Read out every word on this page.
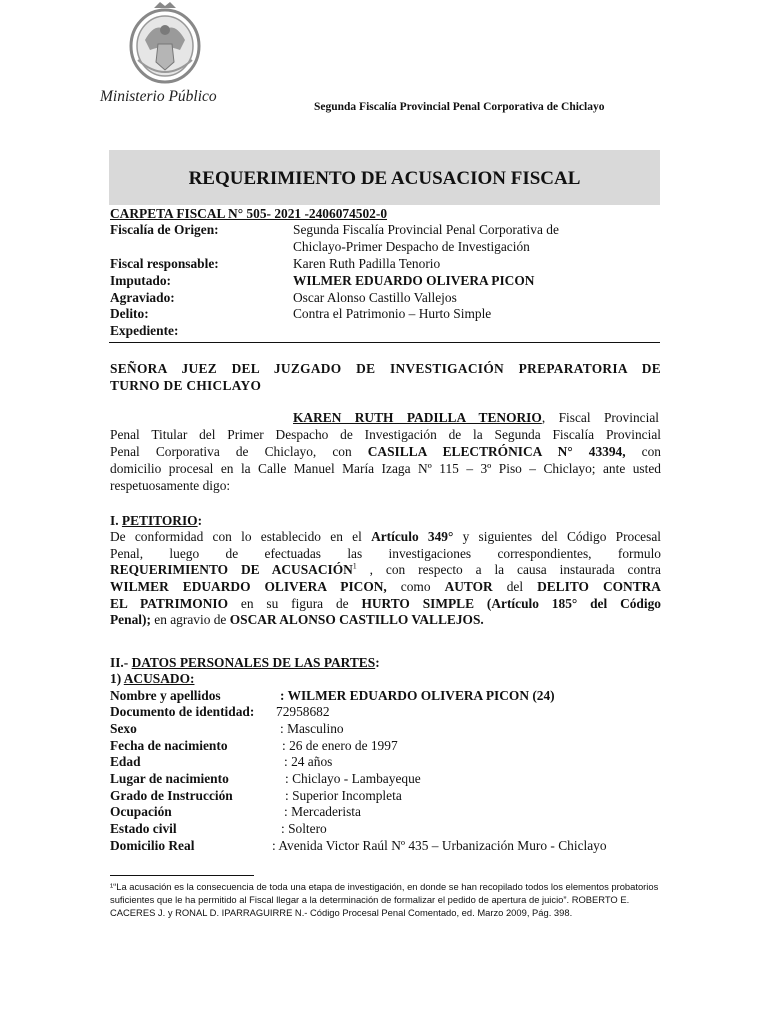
Ministerio Público
Segunda Fiscalía Provincial Penal Corporativa de Chiclayo
REQUERIMIENTO DE ACUSACION FISCAL
CARPETA FISCAL N° 505- 2021 -2406074502-0
Fiscalía de Origen:	Segunda Fiscalía Provincial Penal Corporativa de
Chiclayo-Primer Despacho de Investigación
Fiscal responsable:	Karen Ruth Padilla Tenorio
Imputado:	WILMER EDUARDO OLIVERA PICON
Agraviado:	Oscar Alonso Castillo Vallejos
Delito:	Contra el Patrimonio – Hurto Simple
Expediente:
SEÑORA JUEZ DEL JUZGADO DE INVESTIGACIÓN PREPARATORIA DE
TURNO DE CHICLAYO
KAREN RUTH PADILLA TENORIO, Fiscal Provincial
Penal Titular del Primer Despacho de Investigación de la Segunda Fiscalía Provincial
Penal Corporativa de Chiclayo, con CASILLA ELECTRÓNICA N° 43394, con
domicilio procesal en la Calle Manuel María Izaga Nº 115 – 3º Piso – Chiclayo; ante usted
respetuosamente digo:
I. PETITORIO:
De conformidad con lo establecido en el Artículo 349° y siguientes del Código Procesal
Penal, luego de efectuadas las investigaciones correspondientes, formulo
REQUERIMIENTO DE ACUSACIÓN$^1$ , con respecto a la causa instaurada contra
WILMER EDUARDO OLIVERA PICON, como AUTOR del DELITO CONTRA
EL PATRIMONIO en su figura de HURTO SIMPLE (Artículo 185° del Código
Penal); en agravio de OSCAR ALONSO CASTILLO VALLEJOS.
II.- DATOS PERSONALES DE LAS PARTES:
1) ACUSADO:
Nombre y apellidos	: WILMER EDUARDO OLIVERA PICON (24)
Documento de identidad: 72958682
Sexo	: Masculino
Fecha de nacimiento	: 26 de enero de 1997
Edad	: 24 años
Lugar de nacimiento	: Chiclayo - Lambayeque
Grado de Instrucción	: Superior Incompleta
Ocupación	: Mercaderista
Estado civil	: Soltero
Domicilio Real	: Avenida Victor Raúl Nº 435 – Urbanización Muro - Chiclayo
¹“La acusación es la consecuencia de toda una etapa de investigación, en donde se han recopilado todos los elementos probatorios
suficientes que le ha permitido al Fiscal llegar a la determinación de formalizar el pedido de apertura de juicio”. ROBERTO E.
CACERES J. y RONAL D. IPARRAGUIRRE N.- Código Procesal Penal Comentado, ed. Marzo 2009, Pág. 398.
